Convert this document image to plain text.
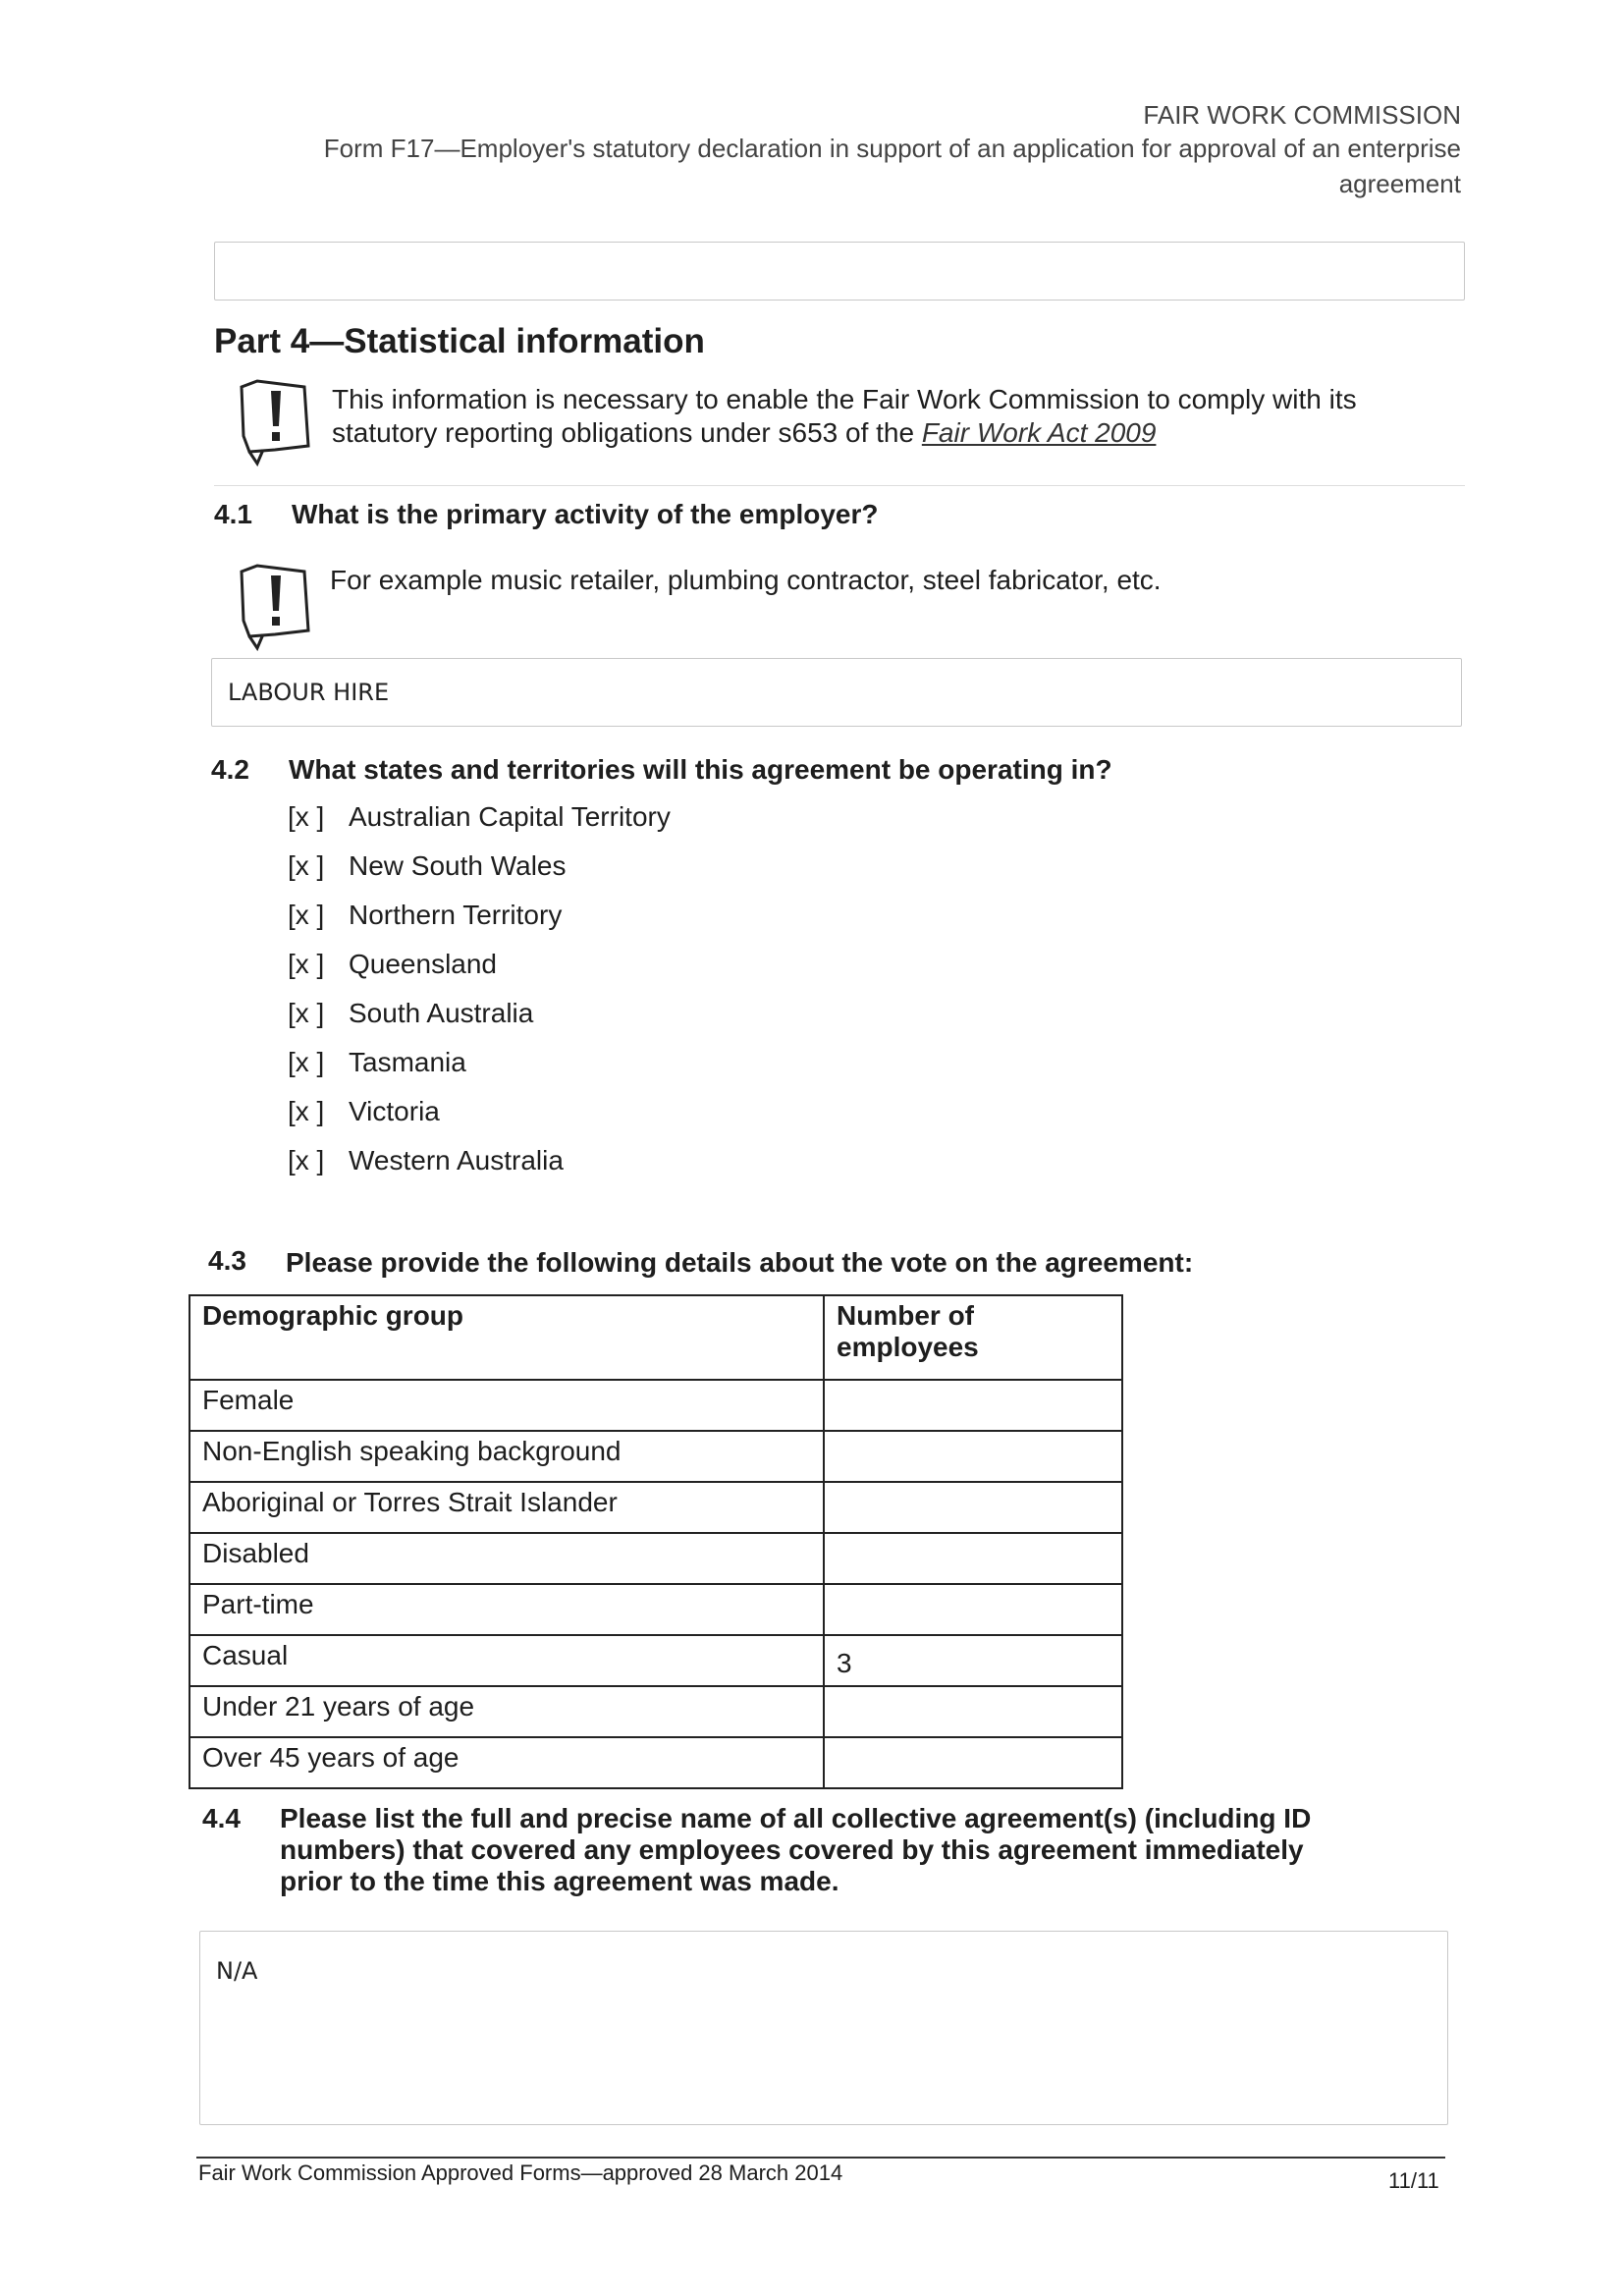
FAIR WORK COMMISSION
Form F17—Employer's statutory declaration in support of an application for approval of an enterprise
agreement
Part 4—Statistical information
This information is necessary to enable the Fair Work Commission to comply with its
statutory reporting obligations under s653 of the Fair Work Act 2009
4.1 What is the primary activity of the employer?
For example music retailer, plumbing contractor, steel fabricator, etc.
LABOUR HIRE
4.2 What states and territories will this agreement be operating in?
[x ] Australian Capital Territory
[x ] New South Wales
[x ] Northern Territory
[x ] Queensland
[x ] South Australia
[x ] Tasmania
[x ] Victoria
[x ] Western Australia
4.3 Please provide the following details about the vote on the agreement:
Demographic group	Number of employees
Female	
Non-English speaking background	
Aboriginal or Torres Strait Islander	
Disabled	
Part-time	
Casual	3
Under 21 years of age	
Over 45 years of age	
4.4 Please list the full and precise name of all collective agreement(s) (including ID numbers) that covered any employees covered by this agreement immediately prior to the time this agreement was made.
N/A
Fair Work Commission Approved Forms—approved 28 March 2014	11/11
